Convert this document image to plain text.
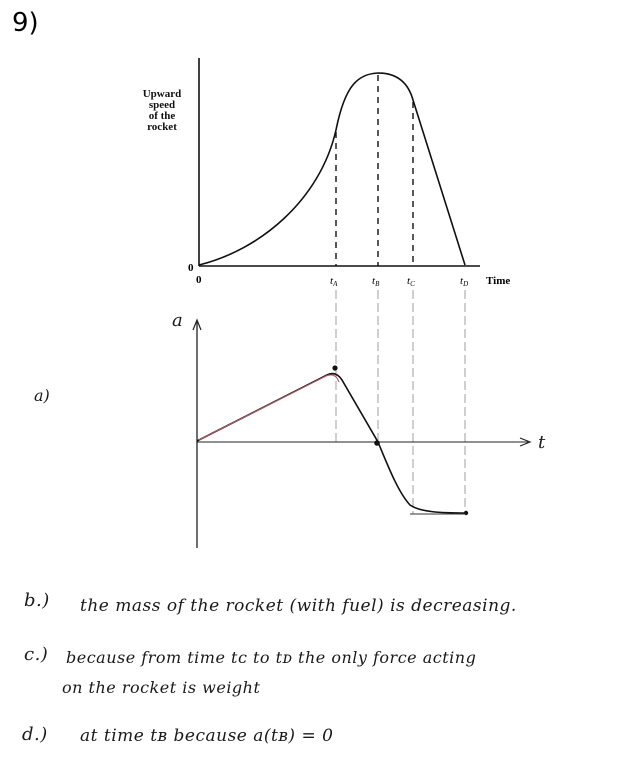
9)
Upward
speed
of the
rocket
0
0	Time
tA	tB	tC	tD
a
t
a)
b.) the mass of the rocket (with fuel) is decreasing.
c.) because from time tᴄ to tᴅ the only force acting
on the rocket is weight
d.) at time tʙ because a(tʙ) = 0
